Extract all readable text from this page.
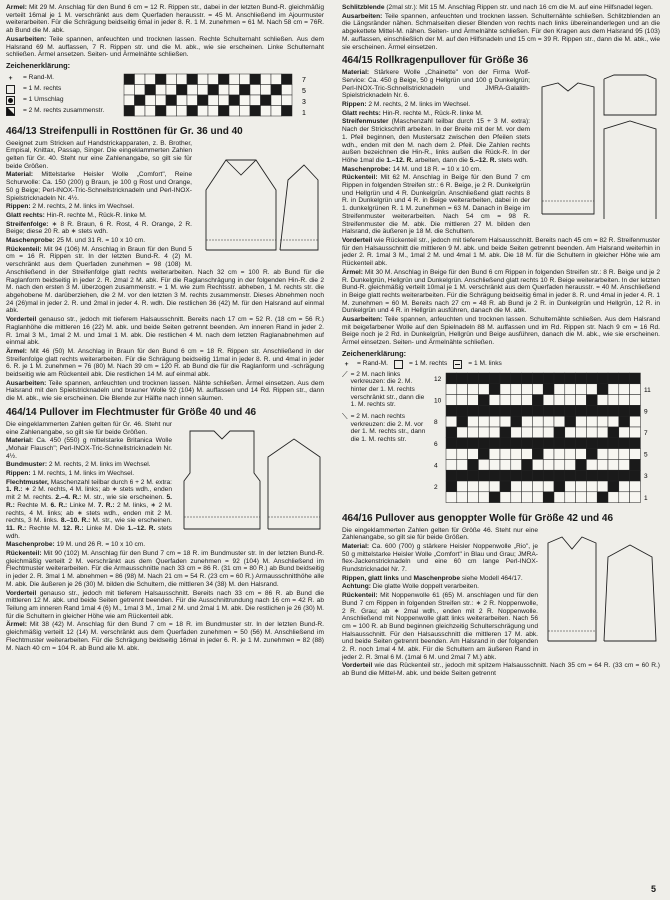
Ärmel: Mit 29 M. Anschlag für den Bund 6 cm = 12 R. Rippen str., dabei in der letzten Bund-R. gleichmäßig verteilt 16mal je 1 M. verschränkt aus dem Querfaden herausstr. = 45 M. Anschließend im Ajourmuster weiterarbeiten. Für die Schrägung beidseitig 6mal in jeder 8. R. 1 M. zunehmen = 61 M. Nach 58 cm = 76R. ab Bund die M. abk.

Ausarbeiten: Teile spannen, anfeuchten und trocknen lassen. Rechte Schulternaht schließen. Aus dem Halsrand 69 M. auffassen, 7 R. Rippen str. und die M. abk., wie sie erscheinen. Linke Schulternaht schließen. Ärmel ansetzen. Seiten- und Ärmelnähte schließen.

Zeichenerklärung:
+	= Rand-M.
= 1 M. rechts
= 1 Umschlag
= 2 M. rechts zusammenstr.
7
5
3
1
464/13 Streifenpulli in Rosttönen für Gr. 36 und 40

Geeignet zum Stricken auf Handstrickapparaten, z. B. Brother, Empisal, Knittax, Passap, Singer. Die eingeklammerten Zahlen gelten für Gr. 40. Steht nur eine Zahlenangabe, so gilt sie für beide Größen.

Material: Mittelstarke Heisler Wolle „Comfort", Reine Schurwolle: Ca. 150 (200) g Braun, je 100 g Rost und Orange, 50 g Beige; Perl-INOX-Tric-Schnellstricknadeln und Perl-INOX-Spielstricknadeln Nr. 4½.

Rippen: 2 M. rechts, 2 M. links im Wechsel.

Glatt rechts: Hin-R. rechte M., Rück-R. linke M.

Streifenfolge: ∗ 8 R. Braun, 6 R. Rost, 4 R. Orange, 2 R. Beige; diese 20 R. ab ∗ stets wdh.

Maschenprobe: 25 M. und 31 R. = 10 x 10 cm.

Rückenteil: Mit 94 (106) M. Anschlag in Braun für den Bund 5 cm = 16 R. Rippen str. In der letzten Bund-R. 4 (2) M. verschränkt aus dem Querfaden zunehmen = 98 (108) M. Anschließend in der Streifenfolge glatt rechts weiterarbeiten. Nach 32 cm = 100 R. ab Bund für die Raglanform beidseitig in jeder 2. R. 2mal 2 M. abk. Für die Raglanschrägung in der folgenden Hin-R. die 2 M. nach den ersten 3 M. überzogen zusammenstr. = 1 M. wie zum Rechtsstr. abheben, 1 M. rechts str. die abgehobene M. darüberziehen, die 2 M. vor den letzten 3 M. rechts zusammenstr. Dieses Abnehmen noch 24 (26)mal in jeder 2. R. und 2mal in jeder 4. R. wdh. Die restlichen 36 (42) M. für den Halsrand auf einmal abk.

Vorderteil genauso str., jedoch mit tieferem Halsausschnitt. Bereits nach 17 cm = 52 R. (18 cm = 56 R.) Raglanhöhe die mittleren 16 (22) M. abk. und beide Seiten getrennt beenden. Am inneren Rand in jeder 2. R. 1mal 3 M., 1mal 2 M. und 1mal 1 M. abk. Die restlichen 4 M. nach dem letzten Raglanabnehmen auf einmal abk.

Ärmel: Mit 46 (50) M. Anschlag in Braun für den Bund 6 cm = 18 R. Rippen str. Anschließend in der Streifenfolge glatt rechts weiterarbeiten. Für die Schrägung beidseitig 11mal in jeder 8. R. und 4mal in jeder 6. R. je 1 M. zunehmen = 76 (80) M. Nach 39 cm = 120 R. ab Bund die für die Raglanform und -schrägung beidseitig wie am Rückenteil abk. Die restlichen 14 M. auf einmal abk.

Ausarbeiten: Teile spannen, anfeuchten und trocknen lassen. Nähte schließen. Ärmel einsetzen. Aus dem Halsrand mit den Spielstricknadeln und brauner Wolle 92 (104) M. auffassen und 14 Rd. Rippen str., dann die M. abk., wie sie erscheinen. Die Blende zur Hälfte nach innen säumen.

464/14 Pullover im Flechtmuster für Größe 40 und 46

Die eingeklammerten Zahlen gelten für Gr. 46. Steht nur eine Zahlenangabe, so gilt sie für beide Größen.

Material: Ca. 450 (550) g mittelstarke Britanica Wolle „Mohair Flausch"; Perl-INOX-Tric-Schnellstricknadeln Nr. 4½.

Bundmuster: 2 M. rechts, 2 M. links im Wechsel.

Rippen: 1 M. rechts, 1 M. links im Wechsel.

Flechtmuster, Maschenzahl teilbar durch 6 + 2 M. extra: 1. R.: ∗ 2 M. rechts, 4 M. links; ab ∗ stets wdh., enden mit 2 M. rechts. 2.–4. R.: M. str., wie sie erscheinen. 5. R.: Rechte M. 6. R.: Linke M. 7. R.: 2 M. links, ∗ 2 M. rechts, 4 M. links; ab ∗ stets wdh., enden mit 2 M. rechts, 3 M. links. 8.–10. R.: M. str., wie sie erscheinen. 11. R.: Rechte M. 12. R.: Linke M. Die 1.–12. R. stets wdh.

Maschenprobe: 19 M. und 26 R. = 10 x 10 cm.

Rückenteil: Mit 90 (102) M. Anschlag für den Bund 7 cm = 18 R. im Bundmuster str. In der letzten Bund-R. gleichmäßig verteilt 2 M. verschränkt aus dem Querfaden zunehmen = 92 (104) M. Anschließend im Flechtmuster weiterarbeiten. Für die Armausschnitte nach 33 cm = 86 R. (31 cm = 80 R.) ab Bund beidseitig in jeder 2. R. 3mal 1 M. abnehmen = 86 (98) M. Nach 21 cm = 54 R. (23 cm = 60 R.) Armausschnitthöhe alle M. abk. Die äußeren je 26 (30) M. bilden die Schultern, die mittleren 34 (38) M. den Halsrand.

Vorderteil genauso str., jedoch mit tieferem Halsausschnitt. Bereits nach 33 cm = 86 R. ab Bund die mittleren 12 M. abk. und beide Seiten getrennt beenden. Für die Ausschnittrundung nach 16 cm = 42 R. ab Teilung am inneren Rand 1mal 4 (6) M., 1mal 3 M., 1mal 2 M. und 2mal 1 M. abk. Die restlichen je 26 (30) M. für die Schultern in gleicher Höhe wie am Rückenteil abk.

Ärmel: Mit 38 (42) M. Anschlag für den Bund 7 cm = 18 R. im Bundmuster str. In der letzten Bund-R. gleichmäßig verteilt 12 (14) M. verschränkt aus dem Querfaden zunehmen = 50 (56) M. Anschließend im Flechtmuster weiterarbeiten. Für die Schrägung beidseitig 16mal in jeder 6. R. je 1 M. zunehmen = 82 (88) M. Nach 40 cm = 104 R. ab Bund alle M. abk.

Schlitzblende (2mal str.): Mit 15 M. Anschlag Rippen str. und nach 16 cm die M. auf eine Hilfsnadel legen.

Ausarbeiten: Teile spannen, anfeuchten und trocknen lassen. Schulternähte schließen. Schlitzblenden an die Längsränder nähen. Schmalseiten dieser Blenden von rechts nach links übereinanderlegen und an die abgekettete Mittel-M. nähen. Seiten- und Ärmelnähte schließen. Für den Kragen aus dem Halsrand 95 (103) M. auffassen, einschließlich der M. auf den Hilfsnadeln und 15 cm = 39 R. Rippen str., dann die M. abk., wie sie erscheinen. Ärmel einsetzen.

464/15 Rollkragenpullover für Größe 36

Material: Stärkere Wolle „Chainette" von der Firma Wolf-Service: Ca. 450 g Beige, 50 g Hellgrün und 100 g Dunkelgrün; Perl-INOX-Tric-Schnellstricknadeln und JMRA-Galalith-Spielstricknadeln Nr. 6.

Rippen: 2 M. rechts, 2 M. links im Wechsel.

Glatt rechts: Hin-R. rechte M., Rück-R. linke M.

Streifenmuster (Maschenzahl teilbar durch 15 + 3 M. extra): Nach der Strickschrift arbeiten. In der Breite mit der M. vor dem 1. Pfeil beginnen, den Mustersatz zwischen den Pfeilen stets wdh., enden mit den M. nach dem 2. Pfeil. Die Zahlen rechts außen bezeichnen die Hin-R., links außen die Rück-R. In der Höhe 1mal die 1.–12. R. arbeiten, dann die 5.–12. R. stets wdh.

Maschenprobe: 14 M. und 18 R. = 10 x 10 cm.

Rückenteil: Mit 62 M. Anschlag in Beige für den Bund 7 cm Rippen in folgenden Streifen str.: 6 R. Beige, je 2 R. Dunkelgrün und Hellgrün und 4 R. Dunkelgrün. Anschließend glatt rechts 8 R. in Dunkelgrün und 4 R. in Beige weiterarbeiten, dabei in der 1. dunkelgrünen R. 1 M. zunehmen = 63 M. Danach in Beige im Streifenmuster weiterarbeiten. Nach 54 cm = 98 R. Streifenmuster die M. abk. Die mittleren 27 M. bilden den Halsrand, die äußeren je 18 M. die Schultern.

Vorderteil wie Rückenteil str., jedoch mit tieferem Halsausschnitt. Bereits nach 45 cm = 82 R. Streifenmuster für den Halsausschnitt die mittleren 9 M. abk. und beide Seiten getrennt beenden. Am Halsrand weiterhin in jeder 2. R. 1mal 3 M., 1mal 2 M. und 4mal 1 M. abk. Die 18 M. für die Schultern in gleicher Höhe wie am Rückenteil abk.

Ärmel: Mit 30 M. Anschlag in Beige für den Bund 6 cm Rippen in folgenden Streifen str.: 8 R. Beige und je 2 R. Dunkelgrün, Hellgrün und Dunkelgrün. Anschließend glatt rechts 10 R. Beige weiterarbeiten. In der letzten Bund-R. gleichmäßig verteilt 10mal je 1 M. verschränkt aus dem Querfaden herausstr. = 40 M. Anschließend in Beige glatt rechts weiterarbeiten. Für die Schrägung beidseitig 6mal in jeder 8. R. und 4mal in jeder 4. R. 1 M. zunehmen = 60 M. Bereits nach 27 cm = 48 R. ab Bund je 2 R. in Dunkelgrün und Hellgrün, 12 R. in Dunkelgrün und 4 R. in Hellgrün ausführen, danach die M. abk.

Ausarbeiten: Teile spannen, anfeuchten und trocknen lassen. Schulternähte schließen. Aus dem Halsrand mit beigefarbener Wolle auf den Spielnadeln 88 M. auffassen und im Rd. Rippen str. Nach 9 cm = 16 Rd. Beige noch je 2 Rd. in Dunkelgrün, Hellgrün und Beige ausführen, danach die M. abk., wie sie erscheinen. Ärmel einsetzen. Seiten- und Ärmelnähte schließen.

Zeichenerklärung:
+	= Rand-M.	= 1 M. rechts	= 1 M. links
⟋ = 2 M. nach links verkreuzen: die 2. M. hinter der 1. M. rechts verschränkt str., dann die 1. M. rechts str.
⟍ = 2 M. nach rechts verkreuzen: die 2. M. vor der 1. M. rechts str., dann die 1. M. rechts str.
12
11
10
9
8
7
6
5
4
3
2
1
464/16 Pullover aus genoppter Wolle für Größe 42 und 46

Die eingeklammerten Zahlen gelten für Größe 46. Steht nur eine Zahlenangabe, so gilt sie für beide Größen.

Material: Ca. 600 (700) g stärkere Heisler Noppenwolle „Rio", je 50 g mittelstarke Heisler Wolle „Comfort" in Blau und Grau; JMRA-flex-Jackenstricknadeln und eine 60 cm lange Perl-INOX-Rundstricknadel Nr. 7.

Rippen, glatt links und Maschenprobe siehe Modell 464/17.

Achtung: Die glatte Wolle doppelt verarbeiten.

Rückenteil: Mit Noppenwolle 61 (65) M. anschlagen und für den Bund 7 cm Rippen in folgenden Streifen str.: ∗ 2 R. Noppenwolle, 2 R. Grau; ab ∗ 2mal wdh., enden mit 2 R. Noppenwolle. Anschließend mit Noppenwolle glatt links weiterarbeiten. Nach 56 cm = 100 R. ab Bund beginnen gleichzeitig Schulterschrägung und Halsausschnitt. Für den Halsausschnitt die mittleren 17 M. abk. und beide Seiten getrennt beenden. Am Halsrand in der folgenden 2. R. noch 1mal 4 M. abk. Für die Schultern am äußeren Rand in jeder 2. R. 3mal 6 M. (1mal 6 M. und 2mal 7 M.) abk.

Vorderteil wie das Rückenteil str., jedoch mit spitzem Halsausschnitt. Nach 35 cm = 64 R. (33 cm = 60 R.) ab Bund die Mittel-M. abk. und beide Seiten getrennt

5
